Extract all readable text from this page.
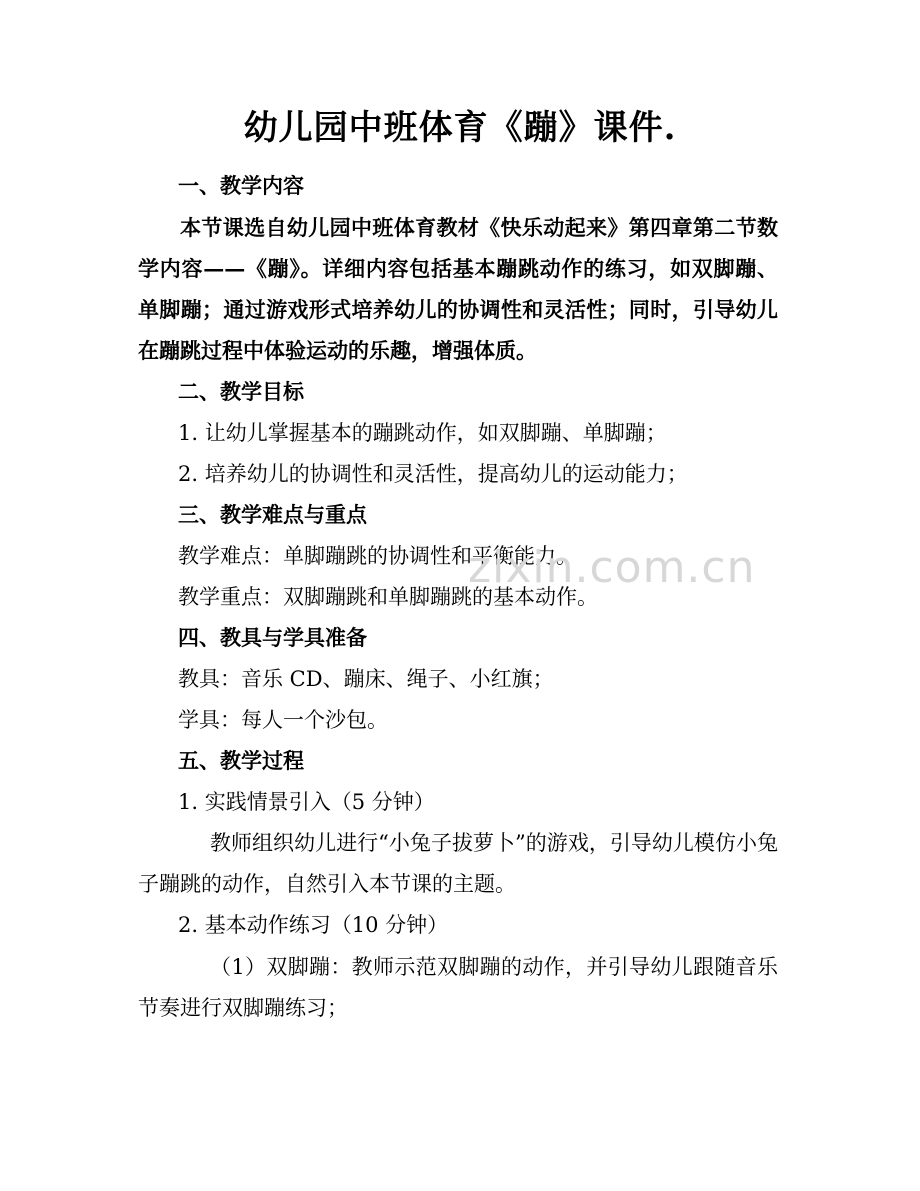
幼儿园中班体育《蹦》课件.
一、教学内容
本节课选自幼儿园中班体育教材《快乐动起来》第四章第二节数学内容——《蹦》。详细内容包括基本蹦跳动作的练习，如双脚蹦、单脚蹦；通过游戏形式培养幼儿的协调性和灵活性；同时，引导幼儿在蹦跳过程中体验运动的乐趣，增强体质。
二、教学目标
1. 让幼儿掌握基本的蹦跳动作，如双脚蹦、单脚蹦；
2. 培养幼儿的协调性和灵活性，提高幼儿的运动能力；
三、教学难点与重点
教学难点：单脚蹦跳的协调性和平衡能力。
教学重点：双脚蹦跳和单脚蹦跳的基本动作。
四、教具与学具准备
教具：音乐 CD、蹦床、绳子、小红旗；
学具：每人一个沙包。
五、教学过程
1. 实践情景引入（5 分钟）
教师组织幼儿进行“小兔子拔萝卜”的游戏，引导幼儿模仿小兔子蹦跳的动作，自然引入本节课的主题。
2. 基本动作练习（10 分钟）
（1）双脚蹦：教师示范双脚蹦的动作，并引导幼儿跟随音乐节奏进行双脚蹦练习；
zixin.com.cn
